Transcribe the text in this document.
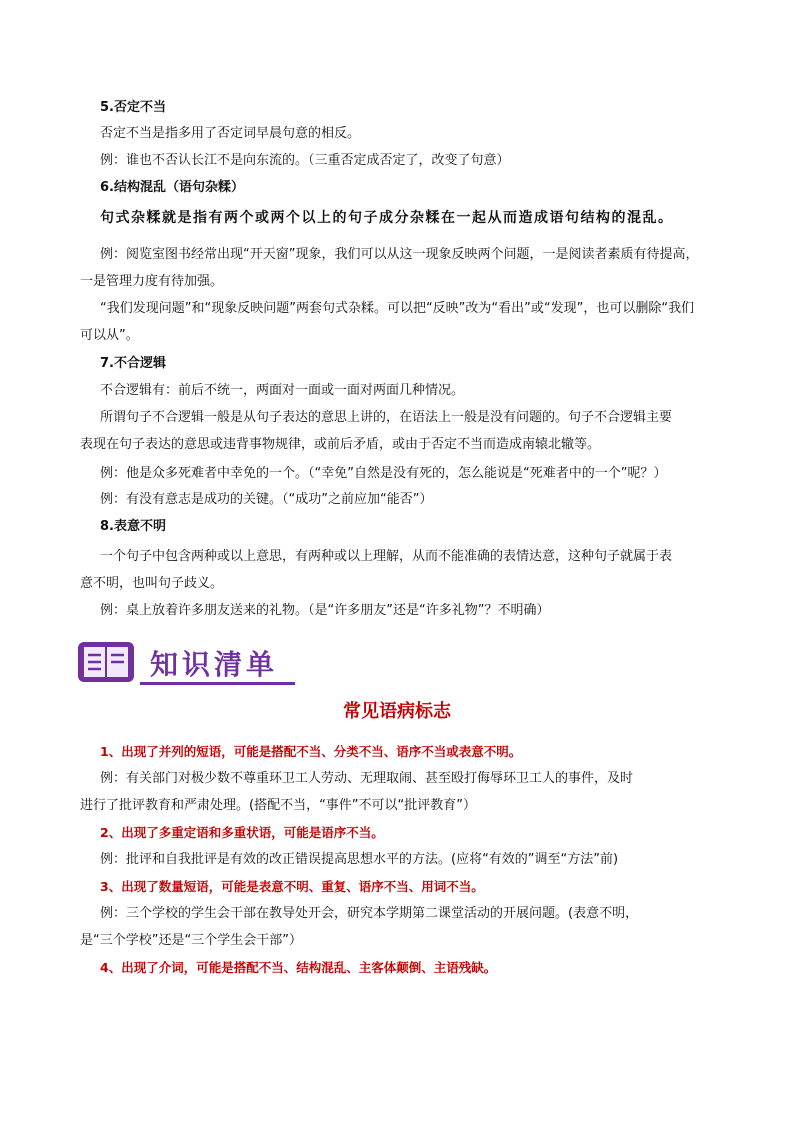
5.否定不当
否定不当是指多用了否定词早晨句意的相反。
例：谁也不否认长江不是向东流的。（三重否定成否定了，改变了句意）
6.结构混乱（语句杂糅）
句式杂糅就是指有两个或两个以上的句子成分杂糅在一起从而造成语句结构的混乱。
例：阅览室图书经常出现“开天窗”现象，我们可以从这一现象反映两个问题，一是阅读者素质有待提高，
一是管理力度有待加强。
“我们发现问题”和“现象反映问题”两套句式杂糅。可以把“反映”改为“看出”或“发现”，也可以删除“我们
可以从”。
7.不合逻辑
不合逻辑有：前后不统一，两面对一面或一面对两面几种情况。
所谓句子不合逻辑一般是从句子表达的意思上讲的，在语法上一般是没有问题的。句子不合逻辑主要
表现在句子表达的意思或违背事物规律，或前后矛盾，或由于否定不当而造成南辕北辙等。
例：他是众多死难者中幸免的一个。（“幸免”自然是没有死的，怎么能说是“死难者中的一个”呢？）
例：有没有意志是成功的关键。（“成功”之前应加“能否”）
8.表意不明
一个句子中包含两种或以上意思，有两种或以上理解，从而不能准确的表情达意，这种句子就属于表
意不明，也叫句子歧义。
例：桌上放着许多朋友送来的礼物。（是“许多朋友”还是“许多礼物”？不明确）
知识清单
常见语病标志
1、出现了并列的短语，可能是搭配不当、分类不当、语序不当或表意不明。
例：有关部门对极少数不尊重环卫工人劳动、无理取闹、甚至殴打侮辱环卫工人的事件，及时
进行了批评教育和严肃处理。(搭配不当，“事件”不可以“批评教育”）
2、出现了多重定语和多重状语，可能是语序不当。
例：批评和自我批评是有效的改正错误提高思想水平的方法。(应将“有效的”调至“方法”前)
3、出现了数量短语，可能是表意不明、重复、语序不当、用词不当。
例：三个学校的学生会干部在教导处开会，研究本学期第二课堂活动的开展问题。(表意不明，
是“三个学校”还是“三个学生会干部”）
4、出现了介词，可能是搭配不当、结构混乱、主客体颠倒、主语残缺。
